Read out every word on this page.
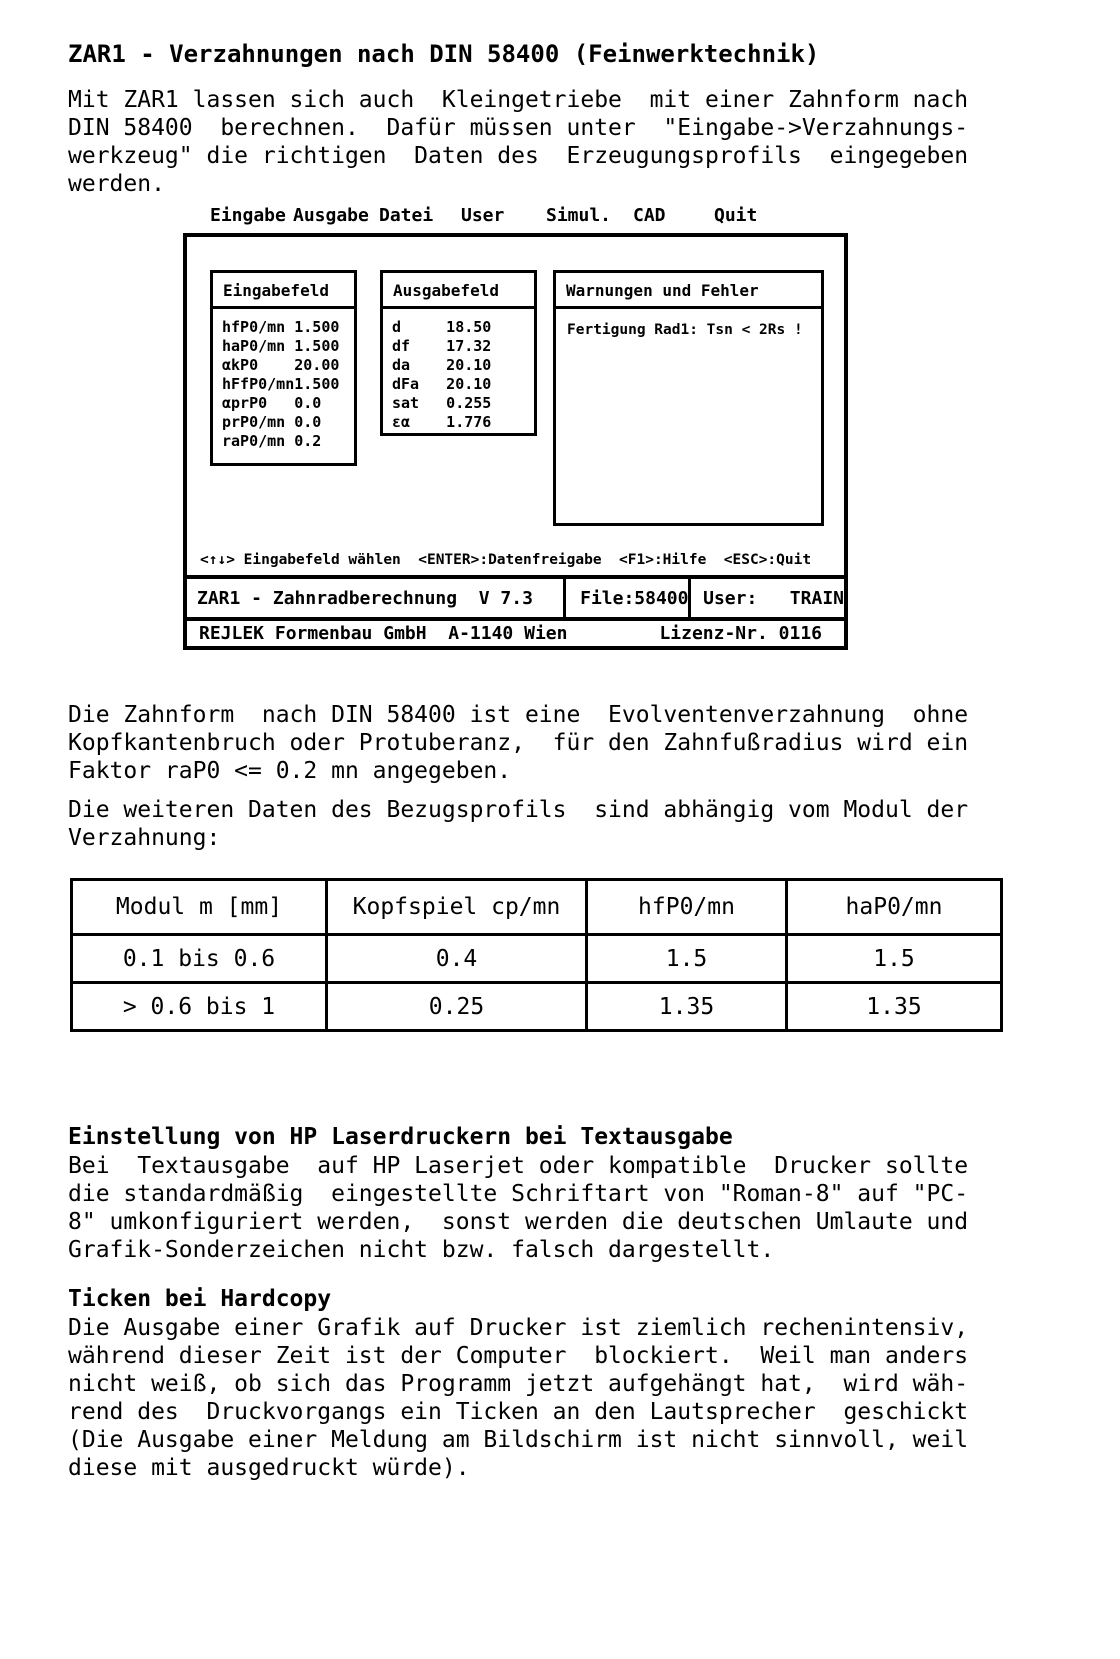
ZAR1 - Verzahnungen nach DIN 58400 (Feinwerktechnik)
Mit ZAR1 lassen sich auch  Kleingetriebe  mit einer Zahnform nach
DIN 58400  berechnen.  Dafür müssen unter  "Eingabe->Verzahnungs-
werkzeug" die richtigen  Daten des  Erzeugungsprofils  eingegeben
werden.
Eingabe Ausgabe Datei User Simul. CAD	Quit
Eingabefeld
hfP0/mn 1.500
haP0/mn 1.500
αkP0 20.00
hFfP0/mn1.500
αprP0 0.0
prP0/mn 0.0
raP0/mn 0.2
Ausgabefeld
d	18.50
df 17.32
da 20.10
dFa 20.10
sat 0.255
εα 1.776
Warnungen und Fehler
Fertigung Rad1: Tsn < 2Rs !
<↑↓> Eingabefeld wählen  <ENTER>:Datenfreigabe  <F1>:Hilfe  <ESC>:Quit
ZAR1 - Zahnradberechnung  V 7.3	File:58400 User:   TRAIN
REJLEK Formenbau GmbH  A-1140 Wien	Lizenz-Nr. 0116
Die Zahnform  nach DIN 58400 ist eine  Evolventenverzahnung  ohne
Kopfkantenbruch oder Protuberanz,  für den Zahnfußradius wird ein
Faktor raP0 <= 0.2 mn angegeben.
Die weiteren Daten des Bezugsprofils  sind abhängig vom Modul der
Verzahnung:
Modul m [mm]	Kopfspiel cp/mn	hfP0/mn	haP0/mn
0.1 bis 0.6	0.4	1.5	1.5
> 0.6 bis 1	0.25	1.35	1.35
Einstellung von HP Laserdruckern bei Textausgabe
Bei  Textausgabe  auf HP Laserjet oder kompatible  Drucker sollte
die standardmäßig  eingestellte Schriftart von "Roman-8" auf "PC-
8" umkonfiguriert werden,  sonst werden die deutschen Umlaute und
Grafik-Sonderzeichen nicht bzw. falsch dargestellt.
Ticken bei Hardcopy
Die Ausgabe einer Grafik auf Drucker ist ziemlich rechenintensiv,
während dieser Zeit ist der Computer  blockiert.  Weil man anders
nicht weiß, ob sich das Programm jetzt aufgehängt hat,  wird wäh-
rend des  Druckvorgangs ein Ticken an den Lautsprecher  geschickt
(Die Ausgabe einer Meldung am Bildschirm ist nicht sinnvoll, weil
diese mit ausgedruckt würde).
